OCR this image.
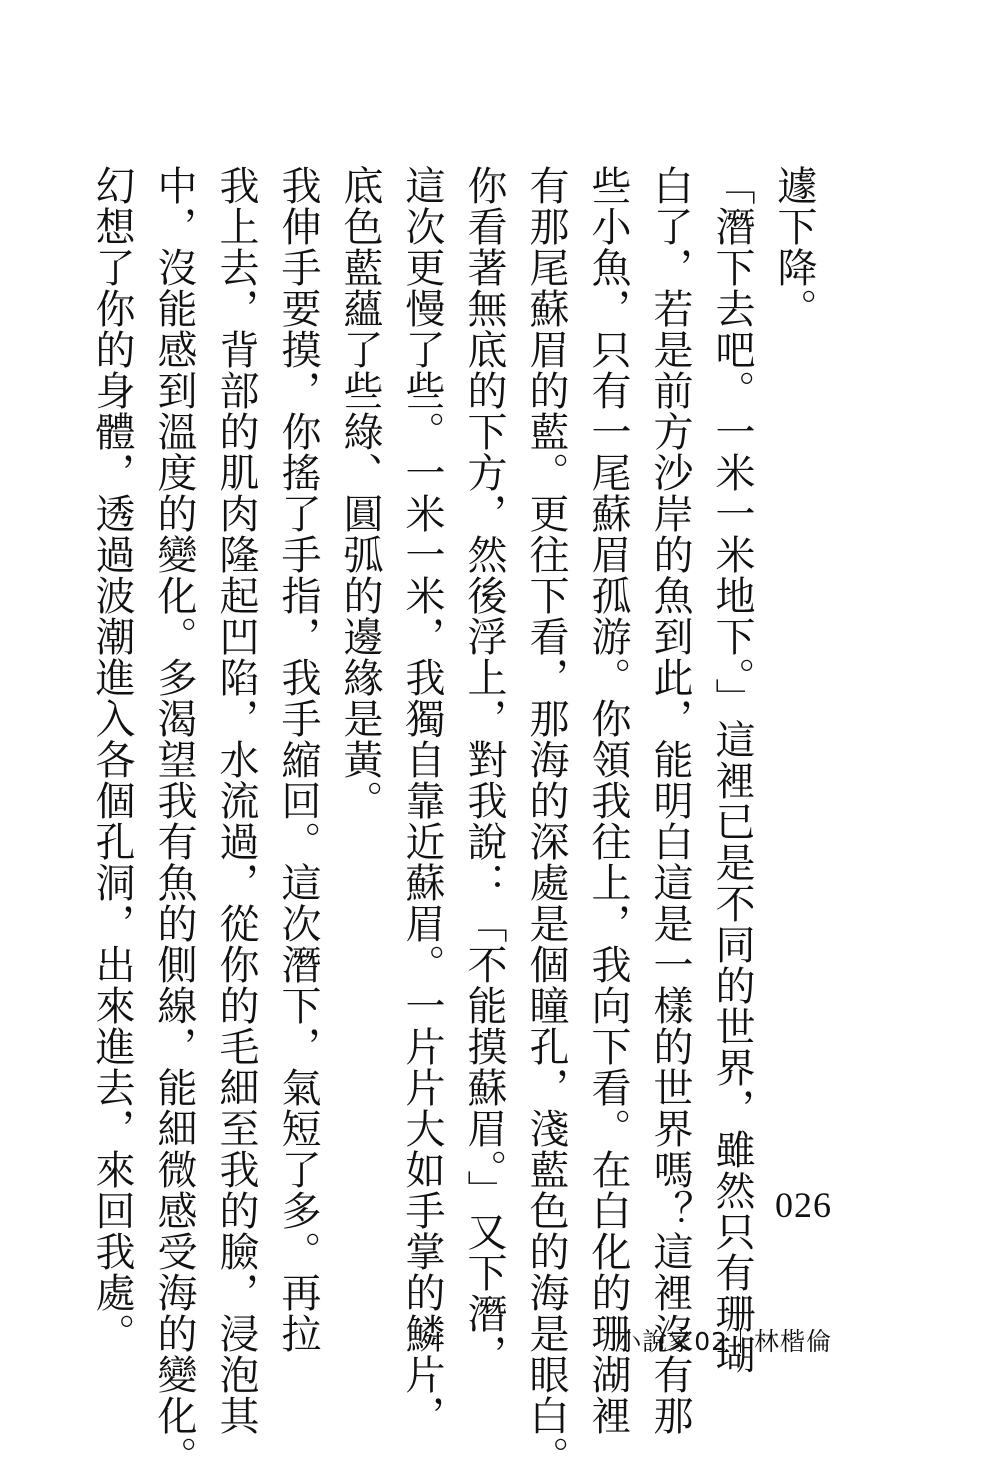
遽下降。
「潛下去吧。一米一米地下。」這裡已是不同的世界，雖然只有珊瑚
白了，若是前方沙岸的魚到此，能明白這是一樣的世界嗎？這裡沒有那
些小魚，只有一尾蘇眉孤游。你領我往上，我向下看。在白化的珊湖裡
有那尾蘇眉的藍。更往下看，那海的深處是個瞳孔，淺藍色的海是眼白。
你看著無底的下方，然後浮上，對我說：「不能摸蘇眉。」又下潛，
這次更慢了些。一米一米，我獨自靠近蘇眉。一片片大如手掌的鱗片，
底色藍蘊了些綠、圓弧的邊緣是黃。
我伸手要摸，你搖了手指，我手縮回。這次潛下，氣短了多。再拉
我上去，背部的肌肉隆起凹陷，水流過，從你的毛細至我的臉，浸泡其
中，沒能感到溫度的變化。多渴望我有魚的側線，能細微感受海的變化。
幻想了你的身體，透過波潮進入各個孔洞，出來進去，來回我處。	026
小說家02｜林楷倫
